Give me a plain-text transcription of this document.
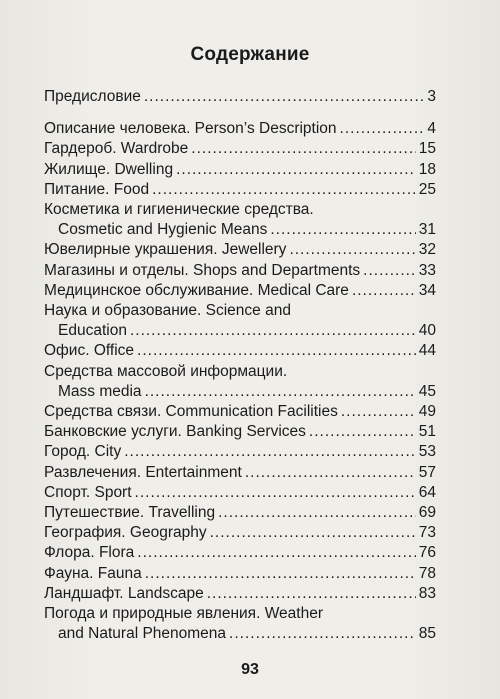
Содержание
Предисловие .....	3
Описание человека. Person’s Description .....	4
Гардероб. Wardrobe .....	15
Жилище. Dwelling .....	18
Питание. Food .....	25
Косметика и гигиенические средства.
Cosmetic and Hygienic Means .....	31
Ювелирные украшения. Jewellery .....	32
Магазины и отделы. Shops and Departments .....	33
Медицинское обслуживание. Medical Care .....	34
Наука и образование. Science and
Education .....	40
Офис. Office .....	44
Средства массовой информации.
Mass media .....	45
Средства связи. Communication Facilities .....	49
Банковские услуги. Banking Services .....	51
Город. City .....	53
Развлечения. Entertainment .....	57
Спорт. Sport .....	64
Путешествие. Travelling .....	69
География. Geography .....	73
Флора. Flora .....	76
Фауна. Fauna .....	78
Ландшафт. Landscape .....	83
Погода и природные явления. Weather
and Natural Phenomena .....	85
93
